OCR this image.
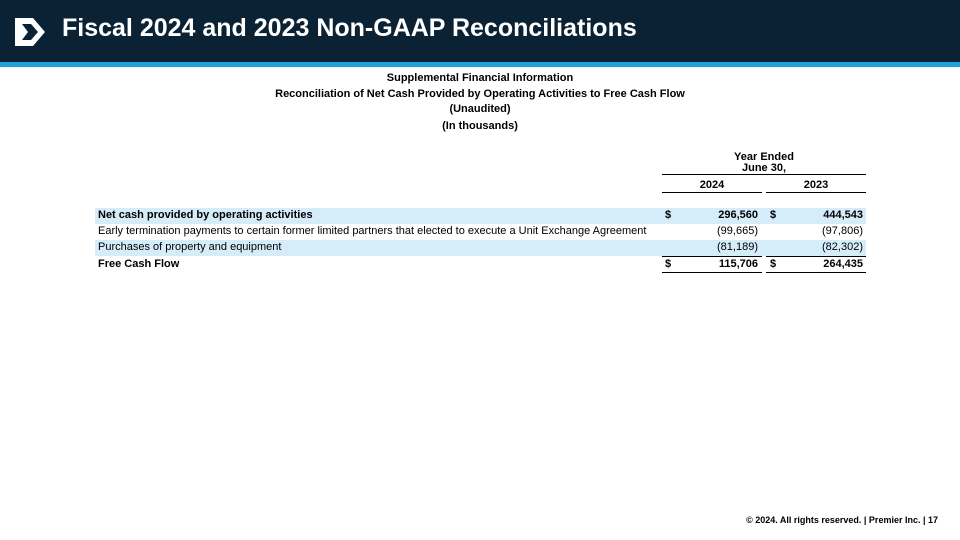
Fiscal 2024 and 2023 Non-GAAP Reconciliations
Supplemental Financial Information
Reconciliation of Net Cash Provided by Operating Activities to Free Cash Flow
(Unaudited)
(In thousands)
Year Ended
June 30,
2024	2023
Net cash provided by operating activities	$	296,560 $	444,543
Early termination payments to certain former limited partners that elected to execute a Unit Exchange Agreement	(99,665)	(97,806)
Purchases of property and equipment	(81,189)	(82,302)
Free Cash Flow	$	115,706 $	264,435
© 2024. All rights reserved. | Premier Inc. | 17
